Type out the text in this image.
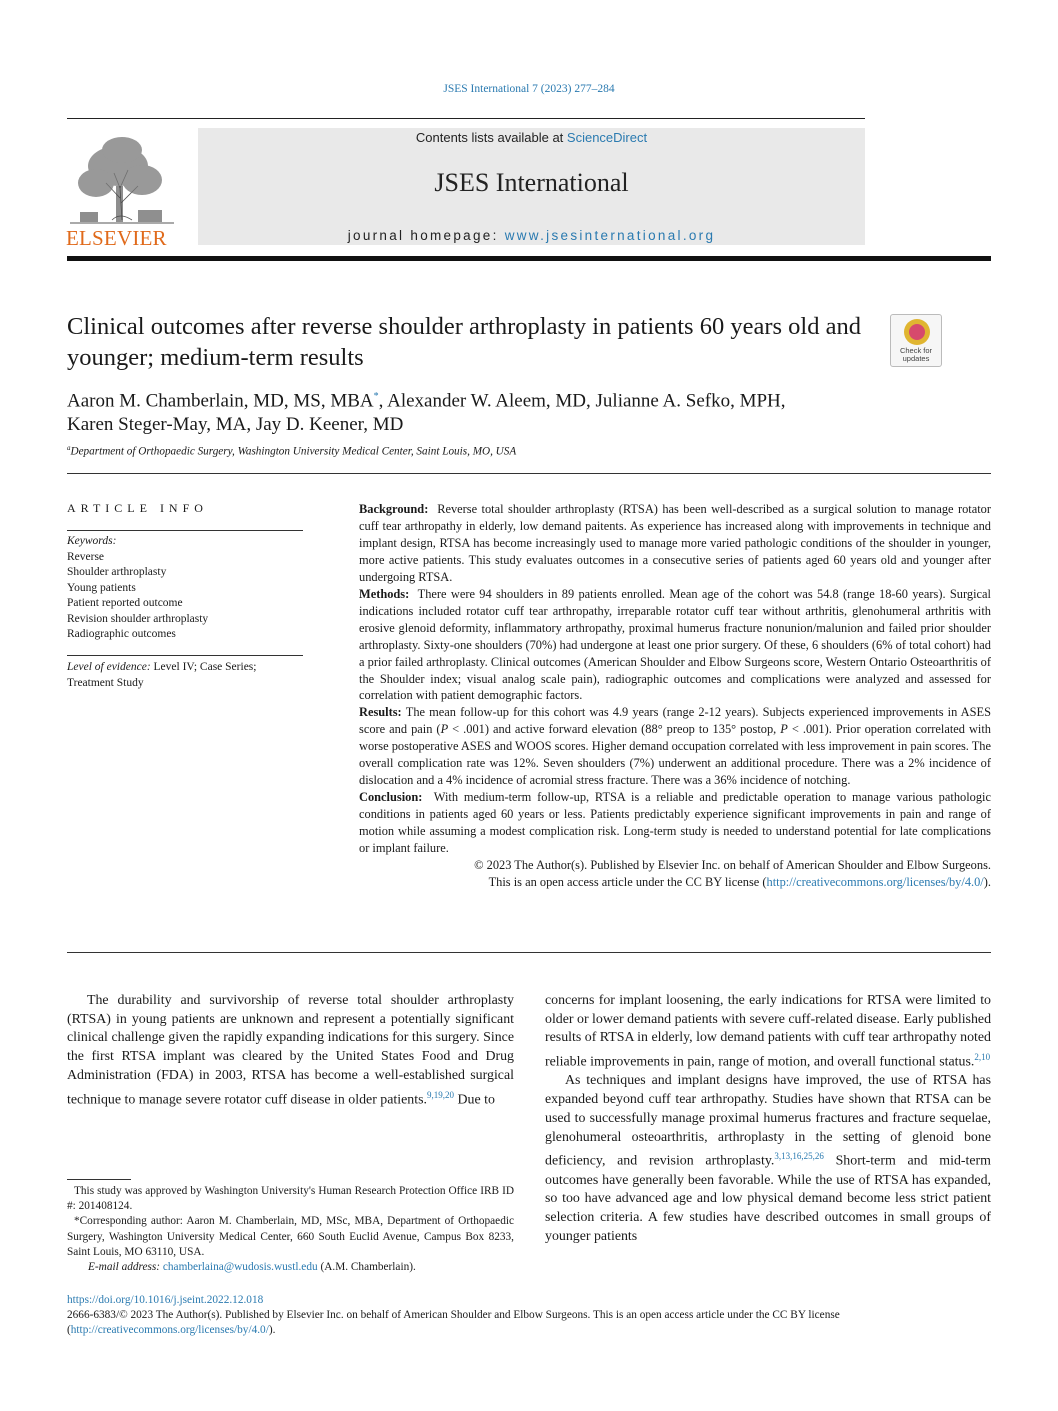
JSES International 7 (2023) 277–284
ELSEVIER
Contents lists available at ScienceDirect
JSES International
journal homepage: www.jsesinternational.org
Clinical outcomes after reverse shoulder arthroplasty in patients 60 years old and younger; medium-term results	Check for updates
Aaron M. Chamberlain, MD, MS, MBA*, Alexander W. Aleem, MD, Julianne A. Sefko, MPH,
Karen Steger-May, MA, Jay D. Keener, MD
$^a$Department of Orthopaedic Surgery, Washington University Medical Center, Saint Louis, MO, USA
ARTICLE INFO
Keywords:
Reverse
Shoulder arthroplasty
Young patients
Patient reported outcome
Revision shoulder arthroplasty
Radiographic outcomes
Level of evidence: Level IV; Case Series; Treatment Study

Background: Reverse total shoulder arthroplasty (RTSA) has been well-described as a surgical solution to manage rotator cuff tear arthropathy in elderly, low demand paitents. As experience has increased along with improvements in technique and implant design, RTSA has become increasingly used to manage more varied pathologic conditions of the shoulder in younger, more active patients. This study evaluates outcomes in a consecutive series of patients aged 60 years old and younger after undergoing RTSA.

Methods: There were 94 shoulders in 89 patients enrolled. Mean age of the cohort was 54.8 (range 18-60 years). Surgical indications included rotator cuff tear arthropathy, irreparable rotator cuff tear without arthritis, glenohumeral arthritis with erosive glenoid deformity, inflammatory arthropathy, proximal humerus fracture nonunion/malunion and failed prior shoulder arthroplasty. Sixty-one shoulders (70%) had undergone at least one prior surgery. Of these, 6 shoulders (6% of total cohort) had a prior failed arthroplasty. Clinical outcomes (American Shoulder and Elbow Surgeons score, Western Ontario Osteoarthritis of the Shoulder index; visual analog scale pain), radiographic outcomes and complications were analyzed and assessed for correlation with patient demographic factors.

Results: The mean follow-up for this cohort was 4.9 years (range 2-12 years). Subjects experienced improvements in ASES score and pain (P < .001) and active forward elevation (88° preop to 135° postop, P < .001). Prior operation correlated with worse postoperative ASES and WOOS scores. Higher demand occupation correlated with less improvement in pain scores. The overall complication rate was 12%. Seven shoulders (7%) underwent an additional procedure. There was a 2% incidence of dislocation and a 4% incidence of acromial stress fracture. There was a 36% incidence of notching.

Conclusion: With medium-term follow-up, RTSA is a reliable and predictable operation to manage various pathologic conditions in patients aged 60 years or less. Patients predictably experience significant improvements in pain and range of motion while assuming a modest complication risk. Long-term study is needed to understand potential for late complications or implant failure.

© 2023 The Author(s). Published by Elsevier Inc. on behalf of American Shoulder and Elbow Surgeons.

This is an open access article under the CC BY license (http://creativecommons.org/licenses/by/4.0/).

The durability and survivorship of reverse total shoulder arthroplasty (RTSA) in young patients are unknown and represent a potentially significant clinical challenge given the rapidly expanding indications for this surgery. Since the first RTSA implant was cleared by the United States Food and Drug Administration (FDA) in 2003, RTSA has become a well-established surgical technique to manage severe rotator cuff disease in older patients.$^{9,19,20}$ Due to

concerns for implant loosening, the early indications for RTSA were limited to older or lower demand patients with severe cuff-related disease. Early published results of RTSA in elderly, low demand patients with cuff tear arthropathy noted reliable improvements in pain, range of motion, and overall functional status.$^{2,10}$

As techniques and implant designs have improved, the use of RTSA has expanded beyond cuff tear arthropathy. Studies have shown that RTSA can be used to successfully manage proximal humerus fractures and fracture sequelae, glenohumeral osteoarthritis, arthroplasty in the setting of glenoid bone deficiency, and revision arthroplasty.$^{3,13,16,25,26}$ Short-term and mid-term outcomes have generally been favorable. While the use of RTSA has expanded, so too have advanced age and low physical demand become less strict patient selection criteria. A few studies have described outcomes in small groups of younger patients

This study was approved by Washington University's Human Research Protection Office IRB ID #: 201408124.

*Corresponding author: Aaron M. Chamberlain, MD, MSc, MBA, Department of Orthopaedic Surgery, Washington University Medical Center, 660 South Euclid Avenue, Campus Box 8233, Saint Louis, MO 63110, USA.

E-mail address: chamberlaina@wudosis.wustl.edu (A.M. Chamberlain).

https://doi.org/10.1016/j.jseint.2022.12.018
2666-6383/© 2023 The Author(s). Published by Elsevier Inc. on behalf of American Shoulder and Elbow Surgeons. This is an open access article under the CC BY license (http://creativecommons.org/licenses/by/4.0/).
